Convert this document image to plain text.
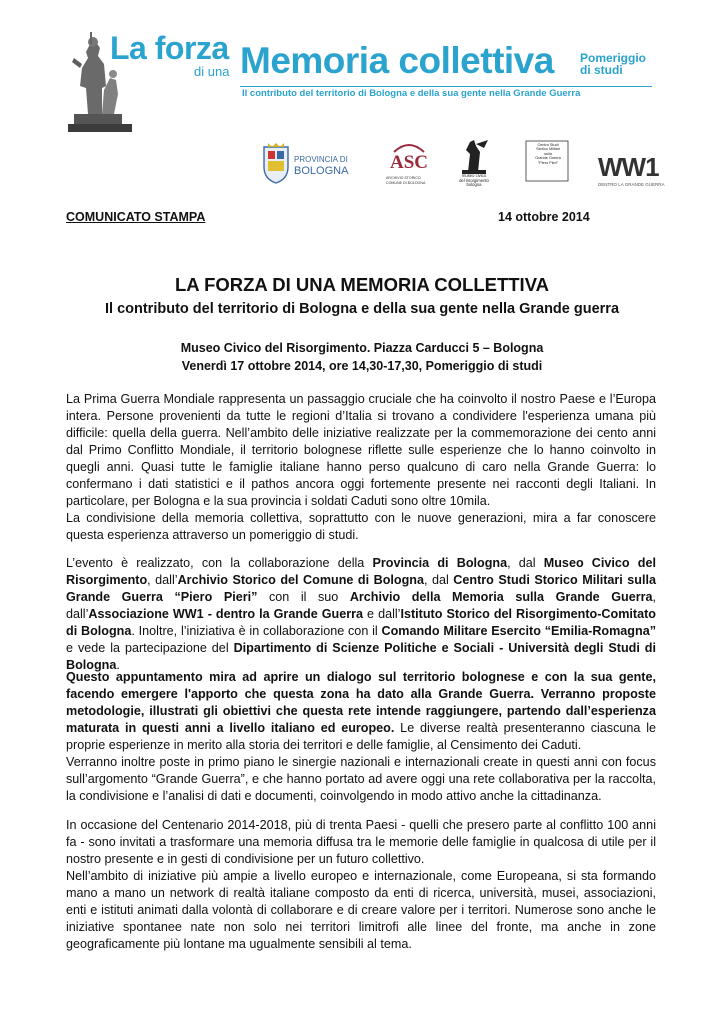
La forza
di una Memoria collettiva Pomeriggio
di studi
Il contributo del territorio di Bologna e della sua gente nella Grande Guerra
PROVINCIA DI
BOLOGNA ASC
ARCHIVIO STORICO
COMUNE DI BOLOGNA
museo civico
del risorgimento
bologna
Centro Studi
Storico Militari
sulla
Grande Guerra
"Piero Pieri"	WW1
DENTRO LA GRANDE GUERRA
COMUNICATO STAMPA	14 ottobre 2014
LA FORZA DI UNA MEMORIA COLLETTIVA
Il contributo del territorio di Bologna e della sua gente nella Grande guerra
Museo Civico del Risorgimento. Piazza Carducci 5 – Bologna
Venerdì 17 ottobre 2014, ore 14,30-17,30, Pomeriggio di studi

La Prima Guerra Mondiale rappresenta un passaggio cruciale che ha coinvolto il nostro Paese e l’Europa intera. Persone provenienti da tutte le regioni d’Italia si trovano a condividere l'esperienza umana più difficile: quella della guerra. Nell’ambito delle iniziative realizzate per la commemorazione dei cento anni dal Primo Conflitto Mondiale, il territorio bolognese riflette sulle esperienze che lo hanno coinvolto in quegli anni. Quasi tutte le famiglie italiane hanno perso qualcuno di caro nella Grande Guerra: lo confermano i dati statistici e il pathos ancora oggi fortemente presente nei racconti degli Italiani. In particolare, per Bologna e la sua provincia i soldati Caduti sono oltre 10mila.

La condivisione della memoria collettiva, soprattutto con le nuove generazioni, mira a far conoscere questa esperienza attraverso un pomeriggio di studi.

L’evento è realizzato, con la collaborazione della Provincia di Bologna, dal Museo Civico del Risorgimento, dall’Archivio Storico del Comune di Bologna, dal Centro Studi Storico Militari sulla Grande Guerra “Piero Pieri” con il suo Archivio della Memoria sulla Grande Guerra, dall’Associazione WW1 - dentro la Grande Guerra e dall’Istituto Storico del Risorgimento-Comitato di Bologna. Inoltre, l’iniziativa è in collaborazione con il Comando Militare Esercito “Emilia-Romagna” e vede la partecipazione del Dipartimento di Scienze Politiche e Sociali - Università degli Studi di Bologna.

Questo appuntamento mira ad aprire un dialogo sul territorio bolognese e con la sua gente, facendo emergere l'apporto che questa zona ha dato alla Grande Guerra. Verranno proposte metodologie, illustrati gli obiettivi che questa rete intende raggiungere, partendo dall’esperienza maturata in questi anni a livello italiano ed europeo. Le diverse realtà presenteranno ciascuna le proprie esperienze in merito alla storia dei territori e delle famiglie, al Censimento dei Caduti.

Verranno inoltre poste in primo piano le sinergie nazionali e internazionali create in questi anni con focus sull’argomento “Grande Guerra”, e che hanno portato ad avere oggi una rete collaborativa per la raccolta, la condivisione e l’analisi di dati e documenti, coinvolgendo in modo attivo anche la cittadinanza.

In occasione del Centenario 2014-2018, più di trenta Paesi - quelli che presero parte al conflitto 100 anni fa - sono invitati a trasformare una memoria diffusa tra le memorie delle famiglie in qualcosa di utile per il nostro presente e in gesti di condivisione per un futuro collettivo.

Nell’ambito di iniziative più ampie a livello europeo e internazionale, come Europeana, si sta formando mano a mano un network di realtà italiane composto da enti di ricerca, università, musei, associazioni, enti e istituti animati dalla volontà di collaborare e di creare valore per i territori. Numerose sono anche le iniziative spontanee nate non solo nei territori limitrofi alle linee del fronte, ma anche in zone geograficamente più lontane ma ugualmente sensibili al tema.
